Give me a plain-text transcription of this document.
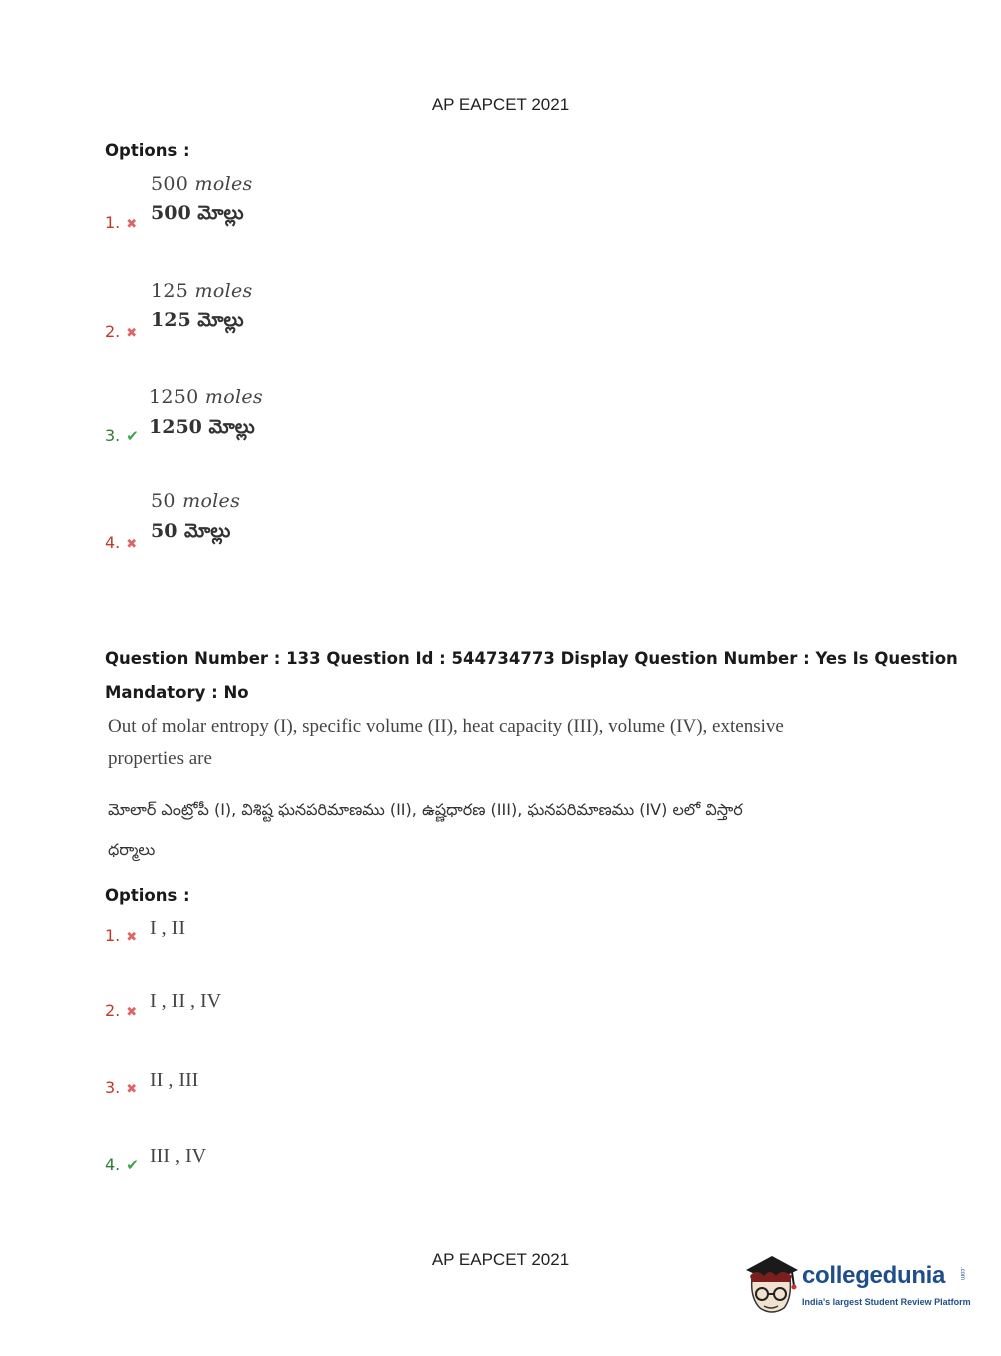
AP EAPCET 2021
Options :
500 moles
500 మోల్లు
1. ✖
125 moles
125 మోల్లు
2. ✖
1250 moles
1250 మోల్లు
3. ✔
50 moles
50 మోల్లు
4. ✖
Question Number : 133 Question Id : 544734773 Display Question Number : Yes Is Question
Mandatory : No
Out of molar entropy (I), specific volume (II), heat capacity (III), volume (IV), extensive
properties are
మోలార్ ఎంట్రోపీ (I), విశిష్ట ఘనపరిమాణము (II), ఉష్ణధారణ (III), ఘనపరిమాణము (IV) లలో విస్తార
ధర్మాలు
Options :
1. ✖ I , II
2. ✖
I , II , IV
3. ✖ II , III
4. ✔ III , IV
AP EAPCET 2021
collegedunia .com
India's largest Student Review Platform
